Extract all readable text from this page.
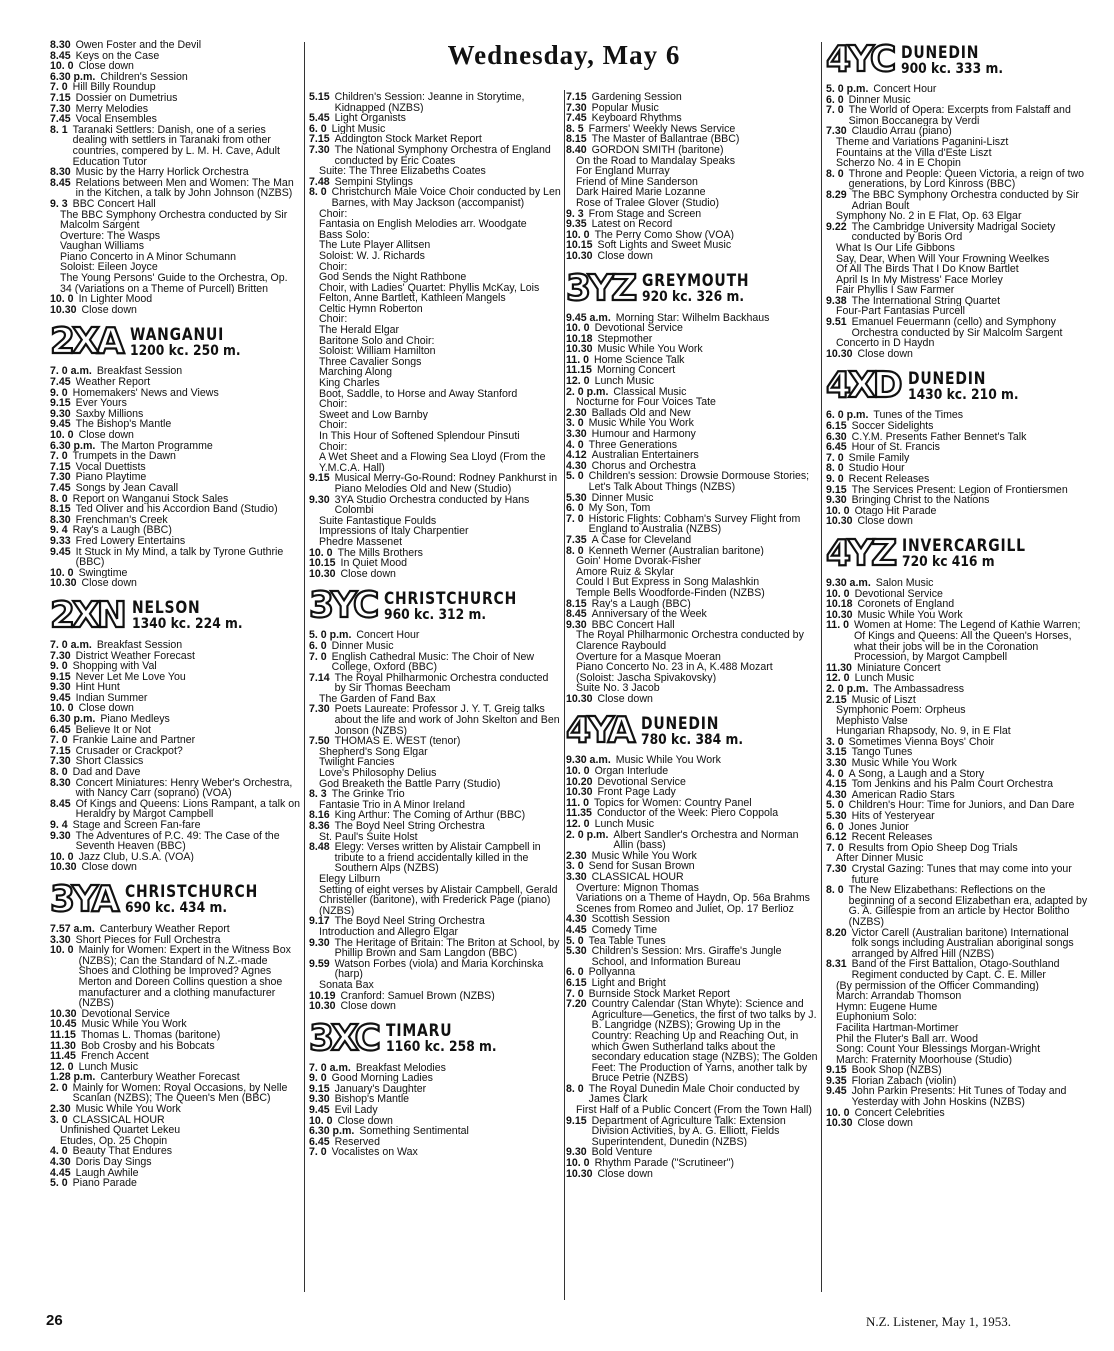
Wednesday, May 6
8.30 Owen Foster and the Devil
8.45 Keys on the Case
10. 0 Close down
6.30 p.m. Children's Session
7. 0 Hill Billy Roundup
7.15 Dossier on Dumetrius
7.30 Merry Melodies
7.45 Vocal Ensembles
8. 1 Taranaki Settlers: Danish, one of a series dealing with settlers in Taranaki from other countries, compered by L. M. H. Cave, Adult Education Tutor
8.30 Music by the Harry Horlick Orchestra
8.45 Relations between Men and Women: The Man in the Kitchen, a talk by John Johnson (NZBS)
9. 3 BBC Concert Hall
The BBC Symphony Orchestra conducted by Sir Malcolm Sargent
Overture: The Wasps
Vaughan Williams
Piano Concerto in A Minor Schumann
Soloist: Eileen Joyce
The Young Persons' Guide to the Orchestra, Op. 34 (Variations on a Theme of Purcell) Britten
10. 0 In Lighter Mood
10.30 Close down
2XA WANGANUI
1200 kc. 250 m.
7. 0 a.m. Breakfast Session
7.45 Weather Report
9. 0 Homemakers' News and Views
9.15 Ever Yours
9.30 Saxby Millions
9.45 The Bishop's Mantle
10. 0 Close down
6.30 p.m. The Marton Programme
7. 0 Trumpets in the Dawn
7.15 Vocal Duettists
7.30 Piano Playtime
7.45 Songs by Jean Cavall
8. 0 Report on Wanganui Stock Sales
8.15 Ted Oliver and his Accordion Band (Studio)
8.30 Frenchman's Creek
9. 4 Ray's a Laugh (BBC)
9.33 Fred Lowery Entertains
9.45 It Stuck in My Mind, a talk by Tyrone Guthrie (BBC)
10. 0 Swingtime
10.30 Close down
2XN NELSON
1340 kc. 224 m.
7. 0 a.m. Breakfast Session
7.30 District Weather Forecast
9. 0 Shopping with Val
9.15 Never Let Me Love You
9.30 Hint Hunt
9.45 Indian Summer
10. 0 Close down
6.30 p.m. Piano Medleys
6.45 Believe It or Not
7. 0 Frankie Laine and Partner
7.15 Crusader or Crackpot?
7.30 Short Classics
8. 0 Dad and Dave
8.30 Concert Miniatures: Henry Weber's Orchestra, with Nancy Carr (soprano) (VOA)
8.45 Of Kings and Queens: Lions Rampant, a talk on Heraldry by Margot Campbell
9. 4 Stage and Screen Fan-fare
9.30 The Adventures of P.C. 49: The Case of the Seventh Heaven (BBC)
10. 0 Jazz Club, U.S.A. (VOA)
10.30 Close down
3YA CHRISTCHURCH
690 kc. 434 m.
7.57 a.m. Canterbury Weather Report
3.30 Short Pieces for Full Orchestra
10. 0 Mainly for Women: Expert in the Witness Box (NZBS); Can the Standard of N.Z.-made Shoes and Clothing be Improved? Agnes Merton and Doreen Collins question a shoe manufacturer and a clothing manufacturer (NZBS)
10.30 Devotional Service
10.45 Music While You Work
11.15 Thomas L. Thomas (baritone)
11.30 Bob Crosby and his Bobcats
11.45 French Accent
12. 0 Lunch Music
1.28 p.m. Canterbury Weather Forecast
2. 0 Mainly for Women: Royal Occasions, by Nelle Scanlan (NZBS); The Queen's Men (BBC)
2.30 Music While You Work
3. 0 CLASSICAL HOUR
Unfinished Quartet Lekeu
Etudes, Op. 25 Chopin
4. 0 Beauty That Endures
4.30 Doris Day Sings
4.45 Laugh Awhile
5. 0 Piano Parade
5.15 Children's Session: Jeanne in Storytime, Kidnapped (NZBS)
5.45 Light Organists
6. 0 Light Music
7.15 Addington Stock Market Report
7.30 The National Symphony Orchestra of England conducted by Eric Coates
Suite: The Three Elizabeths Coates
7.48 Sempini Stylings
8. 0 Christchurch Male Voice Choir conducted by Len Barnes, with May Jackson (accompanist)
Choir:
Fantasia on English Melodies arr. Woodgate
Bass Solo:
The Lute Player Allitsen
Soloist: W. J. Richards
Choir:
God Sends the Night Rathbone
Choir, with Ladies' Quartet: Phyllis McKay, Lois Felton, Anne Bartlett, Kathleen Mangels
Celtic Hymn Roberton
Choir:
The Herald Elgar
Baritone Solo and Choir:
Soloist: William Hamilton
Three Cavalier Songs
Marching Along
King Charles
Boot, Saddle, to Horse and Away Stanford
Choir:
Sweet and Low Barnby
Choir:
In This Hour of Softened Splendour Pinsuti
Choir:
A Wet Sheet and a Flowing Sea Lloyd (From the Y.M.C.A. Hall)
9.15 Musical Merry-Go-Round: Rodney Pankhurst in Piano Melodies Old and New (Studio)
9.30 3YA Studio Orchestra conducted by Hans Colombi
Suite Fantastique Foulds
Impressions of Italy Charpentier
Phedre Massenet
10. 0 The Mills Brothers
10.15 In Quiet Mood
10.30 Close down
3YC CHRISTCHURCH
960 kc. 312 m.
5. 0 p.m. Concert Hour
6. 0 Dinner Music
7. 0 English Cathedral Music: The Choir of New College, Oxford (BBC)
7.14 The Royal Philharmonic Orchestra conducted by Sir Thomas Beecham
The Garden of Fand Bax
7.30 Poets Laureate: Professor J. Y. T. Greig talks about the life and work of John Skelton and Ben Jonson (NZBS)
7.50 THOMAS E. WEST (tenor)
Shepherd's Song Elgar
Twilight Fancies
Love's Philosophy Delius
God Breaketh the Battle Parry (Studio)
8. 3 The Grinke Trio
Fantasie Trio in A Minor Ireland
8.16 King Arthur: The Coming of Arthur (BBC)
8.36 The Boyd Neel String Orchestra
St. Paul's Suite Holst
8.48 Elegy: Verses written by Alistair Campbell in tribute to a friend accidentally killed in the Southern Alps (NZBS)
Elegy Lilburn
Setting of eight verses by Alistair Campbell, Gerald Christeller (baritone), with Frederick Page (piano) (NZBS)
9.17 The Boyd Neel String Orchestra
Introduction and Allegro Elgar
9.30 The Heritage of Britain: The Briton at School, by Phillip Brown and Sam Langdon (BBC)
9.59 Watson Forbes (viola) and Maria Korchinska (harp)
Sonata Bax
10.19 Cranford: Samuel Brown (NZBS)
10.30 Close down
3XC TIMARU
1160 kc. 258 m.
7. 0 a.m. Breakfast Melodies
9. 0 Good Morning Ladies
9.15 January's Daughter
9.30 Bishop's Mantle
9.45 Evil Lady
10. 0 Close down
6.30 p.m. Something Sentimental
6.45 Reserved
7. 0 Vocalistes on Wax
7.15 Gardening Session
7.30 Popular Music
7.45 Keyboard Rhythms
8. 5 Farmers' Weekly News Service
8.15 The Master of Ballantrae (BBC)
8.40 GORDON SMITH (baritone)
On the Road to Mandalay Speaks
For England Murray
Friend of Mine Sanderson
Dark Haired Marie Lozanne
Rose of Tralee Glover (Studio)
9. 3 From Stage and Screen
9.35 Latest on Record
10. 0 The Perry Como Show (VOA)
10.15 Soft Lights and Sweet Music
10.30 Close down
3YZ GREYMOUTH
920 kc. 326 m.
9.45 a.m. Morning Star: Wilhelm Backhaus
10. 0 Devotional Service
10.18 Stepmother
10.30 Music While You Work
11. 0 Home Science Talk
11.15 Morning Concert
12. 0 Lunch Music
2. 0 p.m. Classical Music
Nocturne for Four Voices Tate
2.30 Ballads Old and New
3. 0 Music While You Work
3.30 Humour and Harmony
4. 0 Three Generations
4.12 Australian Entertainers
4.30 Chorus and Orchestra
5. 0 Children's session: Drowsie Dormouse Stories; Let's Talk About Things (NZBS)
5.30 Dinner Music
6. 0 My Son, Tom
7. 0 Historic Flights: Cobham's Survey Flight from England to Australia (NZBS)
7.35 A Case for Cleveland
8. 0 Kenneth Werner (Australian baritone)
Goin' Home Dvorak-Fisher
Amore Ruiz & Skylar
Could I But Express in Song Malashkin
Temple Bells Woodforde-Finden (NZBS)
8.15 Ray's a Laugh (BBC)
8.45 Anniversary of the Week
9.30 BBC Concert Hall
The Royal Philharmonic Orchestra conducted by Clarence Raybould
Overture for a Masque Moeran
Piano Concerto No. 23 in A, K.488 Mozart
(Soloist: Jascha Spivakovsky)
Suite No. 3 Jacob
10.30 Close down
4YA DUNEDIN
780 kc. 384 m.
9.30 a.m. Music While You Work
10. 0 Organ Interlude
10.20 Devotional Service
10.30 Front Page Lady
11. 0 Topics for Women: Country Panel
11.35 Conductor of the Week: Piero Coppola
12. 0 Lunch Music
2. 0 p.m. Albert Sandler's Orchestra and Norman Allin (bass)
2.30 Music While You Work
3. 0 Send for Susan Brown
3.30 CLASSICAL HOUR
Overture: Mignon Thomas
Variations on a Theme of Haydn, Op. 56a Brahms
Scenes from Romeo and Juliet, Op. 17 Berlioz
4.30 Scottish Session
4.45 Comedy Time
5. 0 Tea Table Tunes
5.30 Children's Session: Mrs. Giraffe's Jungle School, and Information Bureau
6. 0 Pollyanna
6.15 Light and Bright
7. 0 Burnside Stock Market Report
7.20 Country Calendar (Stan Whyte): Science and Agriculture—Genetics, the first of two talks by J. B. Langridge (NZBS); Growing Up in the Country: Reaching Up and Reaching Out, in which Gwen Sutherland talks about the secondary education stage (NZBS); The Golden Feet: The Production of Yarns, another talk by Bruce Petrie (NZBS)
8. 0 The Royal Dunedin Male Choir conducted by James Clark
First Half of a Public Concert (From the Town Hall)
9.15 Department of Agriculture Talk: Extension Division Activities, by A. G. Elliott, Fields Superintendent, Dunedin (NZBS)
9.30 Bold Venture
10. 0 Rhythm Parade ("Scrutineer")
10.30 Close down
4YC DUNEDIN
900 kc. 333 m.
5. 0 p.m. Concert Hour
6. 0 Dinner Music
7. 0 The World of Opera: Excerpts from Falstaff and Simon Boccanegra by Verdi
7.30 Claudio Arrau (piano)
Theme and Variations Paganini-Liszt
Fountains at the Villa d'Este Liszt
Scherzo No. 4 in E Chopin
8. 0 Throne and People: Queen Victoria, a reign of two generations, by Lord Kinross (BBC)
8.29 The BBC Symphony Orchestra conducted by Sir Adrian Boult
Symphony No. 2 in E Flat, Op. 63 Elgar
9.22 The Cambridge University Madrigal Society conducted by Boris Ord
What Is Our Life Gibbons
Say, Dear, When Will Your Frowning Weelkes
Of All The Birds That I Do Know Bartlet
April Is In My Mistress' Face Morley
Fair Phyllis I Saw Farmer
9.38 The International String Quartet
Four-Part Fantasias Purcell
9.51 Emanuel Feuermann (cello) and Symphony Orchestra conducted by Sir Malcolm Sargent
Concerto in D Haydn
10.30 Close down
4XD DUNEDIN
1430 kc. 210 m.
6. 0 p.m. Tunes of the Times
6.15 Soccer Sidelights
6.30 C.Y.M. Presents Father Bennet's Talk
6.45 Hour of St. Francis
7. 0 Smile Family
8. 0 Studio Hour
9. 0 Recent Releases
9.15 The Services Present: Legion of Frontiersmen
9.30 Bringing Christ to the Nations
10. 0 Otago Hit Parade
10.30 Close down
4YZ INVERCARGILL
720 kc 416 m
9.30 a.m. Salon Music
10. 0 Devotional Service
10.18 Coronets of England
10.30 Music While You Work
11. 0 Women at Home: The Legend of Kathie Warren; Of Kings and Queens: All the Queen's Horses, what their jobs will be in the Coronation Procession, by Margot Campbell
11.30 Miniature Concert
12. 0 Lunch Music
2. 0 p.m. The Ambassadress
2.15 Music of Liszt
Symphonic Poem: Orpheus
Mephisto Valse
Hungarian Rhapsody, No. 9, in E Flat
3. 0 Sometimes Vienna Boys' Choir
3.15 Tango Tunes
3.30 Music While You Work
4. 0 A Song, a Laugh and a Story
4.15 Tom Jenkins and his Palm Court Orchestra
4.30 American Radio Stars
5. 0 Children's Hour: Time for Juniors, and Dan Dare
5.30 Hits of Yesteryear
6. 0 Jones Junior
6.12 Recent Releases
7. 0 Results from Opio Sheep Dog Trials
After Dinner Music
7.30 Crystal Gazing: Tunes that may come into your future
8. 0 The New Elizabethans: Reflections on the beginning of a second Elizabethan era, adapted by G. A. Gillespie from an article by Hector Bolitho (NZBS)
8.20 Victor Carell (Australian baritone) International folk songs including Australian aboriginal songs arranged by Alfred Hill (NZBS)
8.31 Band of the First Battalion, Otago-Southland Regiment conducted by Capt. C. E. Miller
(By permission of the Officer Commanding)
March: Arrandab Thomson
Hymn: Eugene Hume
Euphonium Solo:
Facilita Hartman-Mortimer
Phil the Fluter's Ball arr. Wood
Song: Count Your Blessings Morgan-Wright
March: Fraternity Moorhouse (Studio)
9.15 Book Shop (NZBS)
9.35 Florian Zabach (violin)
9.45 John Parkin Presents: Hit Tunes of Today and Yesterday with John Hoskins (NZBS)
10. 0 Concert Celebrities
10.30 Close down
26	N.Z. Listener, May 1, 1953.
